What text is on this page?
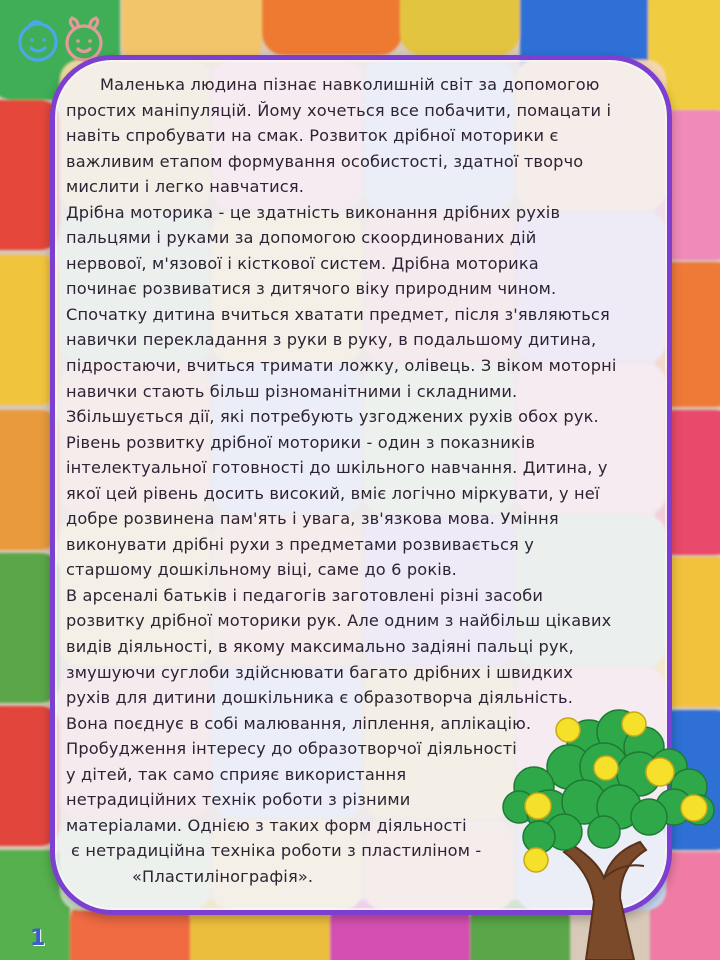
Маленька людина пізнає навколишній світ за допомогою
простих маніпуляцій. Йому хочеться все побачити, помацати і
навіть спробувати на смак. Розвиток дрібної моторики є
важливим етапом формування особистості, здатної творчо
мислити і легко навчатися.
Дрібна моторика - це здатність виконання дрібних рухів
пальцями і руками за допомогою скоординованих дій
нервової, м'язової і кісткової систем. Дрібна моторика
починає розвиватися з дитячого віку природним чином.
Спочатку дитина вчиться хватати предмет, після з'являються
навички перекладання з руки в руку, в подальшому дитина,
підростаючи, вчиться тримати ложку, олівець. З віком моторні
навички стають більш різноманітними і складними.
Збільшується дії, які потребують узгоджених рухів обох рук.
Рівень розвитку дрібної моторики - один з показників
інтелектуальної готовності до шкільного навчання. Дитина, у
якої цей рівень досить високий, вміє логічно міркувати, у неї
добре розвинена пам'ять і увага, зв'язкова мова. Уміння
виконувати дрібні рухи з предметами розвивається у
старшому дошкільному віці, саме до 6 років.
В арсеналі батьків і педагогів заготовлені різні засоби
розвитку дрібної моторики рук. Але одним з найбільш цікавих
видів діяльності, в якому максимально задіяні пальці рук,
змушуючи суглоби здійснювати багато дрібних і швидких
рухів для дитини дошкільника є образотворча діяльність.
Вона поєднує в собі малювання, ліплення, аплікацію.
Пробудження інтересу до образотворчої діяльності
у дітей, так само сприяє використання
нетрадиційних технік роботи з різними
матеріалами. Однією з таких форм діяльності
є нетрадиційна техніка роботи з пластиліном -
«Пластиліногрaфія».
1
